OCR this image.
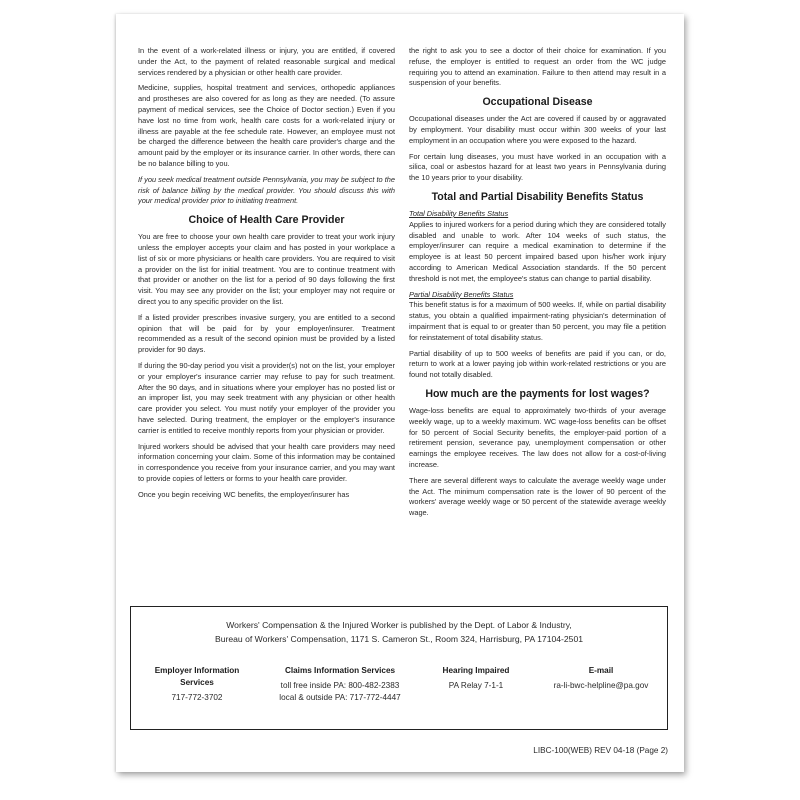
In the event of a work-related illness or injury, you are entitled, if covered under the Act, to the payment of related reasonable surgical and medical services rendered by a physician or other health care provider.

Medicine, supplies, hospital treatment and services, orthopedic appliances and prostheses are also covered for as long as they are needed. (To assure payment of medical services, see the Choice of Doctor section.) Even if you have lost no time from work, health care costs for a work-related injury or illness are payable at the fee schedule rate. However, an employee must not be charged the difference between the health care provider's charge and the amount paid by the employer or its insurance carrier. In other words, there can be no balance billing to you.

If you seek medical treatment outside Pennsylvania, you may be subject to the risk of balance billing by the medical provider. You should discuss this with your medical provider prior to initiating treatment.

Choice of Health Care Provider

You are free to choose your own health care provider to treat your work injury unless the employer accepts your claim and has posted in your workplace a list of six or more physicians or health care providers. You are required to visit a provider on the list for initial treatment. You are to continue treatment with that provider or another on the list for a period of 90 days following the first visit. You may see any provider on the list; your employer may not require or direct you to any specific provider on the list.

If a listed provider prescribes invasive surgery, you are entitled to a second opinion that will be paid for by your employer/insurer. Treatment recommended as a result of the second opinion must be provided by a listed provider for 90 days.

If during the 90-day period you visit a provider(s) not on the list, your employer or your employer's insurance carrier may refuse to pay for such treatment. After the 90 days, and in situations where your employer has no posted list or an improper list, you may seek treatment with any physician or other health care provider you select. You must notify your employer of the provider you have selected. During treatment, the employer or the employer's insurance carrier is entitled to receive monthly reports from your physician or provider.

Injured workers should be advised that your health care providers may need information concerning your claim. Some of this information may be contained in correspondence you receive from your insurance carrier, and you may want to provide copies of letters or forms to your health care provider.

Once you begin receiving WC benefits, the employer/insurer has

the right to ask you to see a doctor of their choice for examination. If you refuse, the employer is entitled to request an order from the WC judge requiring you to attend an examination. Failure to then attend may result in a suspension of your benefits.

Occupational Disease

Occupational diseases under the Act are covered if caused by or aggravated by employment. Your disability must occur within 300 weeks of your last employment in an occupation where you were exposed to the hazard.

For certain lung diseases, you must have worked in an occupation with a silica, coal or asbestos hazard for at least two years in Pennsylvania during the 10 years prior to your disability.

Total and Partial Disability Benefits Status

Total Disability Benefits Status

Applies to injured workers for a period during which they are considered totally disabled and unable to work. After 104 weeks of such status, the employer/insurer can require a medical examination to determine if the employee is at least 50 percent impaired based upon his/her work injury according to American Medical Association standards. If the 50 percent threshold is not met, the employee's status can change to partial disability.

Partial Disability Benefits Status

This benefit status is for a maximum of 500 weeks. If, while on partial disability status, you obtain a qualified impairment-rating physician's determination of impairment that is equal to or greater than 50 percent, you may file a petition for reinstatement of total disability status.

Partial disability of up to 500 weeks of benefits are paid if you can, or do, return to work at a lower paying job within work-related restrictions or you are found not totally disabled.

How much are the payments for lost wages?

Wage-loss benefits are equal to approximately two-thirds of your average weekly wage, up to a weekly maximum. WC wage-loss benefits can be offset for 50 percent of Social Security benefits, the employer-paid portion of a retirement pension, severance pay, unemployment compensation or other earnings the employee receives. The law does not allow for a cost-of-living increase.

There are several different ways to calculate the average weekly wage under the Act. The minimum compensation rate is the lower of 90 percent of the workers' average weekly wage or 50 percent of the statewide average weekly wage.

Workers' Compensation & the Injured Worker is published by the Dept. of Labor & Industry,
Bureau of Workers' Compensation, 1171 S. Cameron St., Room 324, Harrisburg, PA 17104-2501
Employer Information
Services
717-772-3702
Claims Information Services
toll free inside PA: 800-482-2383
local & outside PA: 717-772-4447
Hearing Impaired
PA Relay 7-1-1
E-mail
ra-li-bwc-helpline@pa.gov
LIBC-100(WEB) REV 04-18 (Page 2)
